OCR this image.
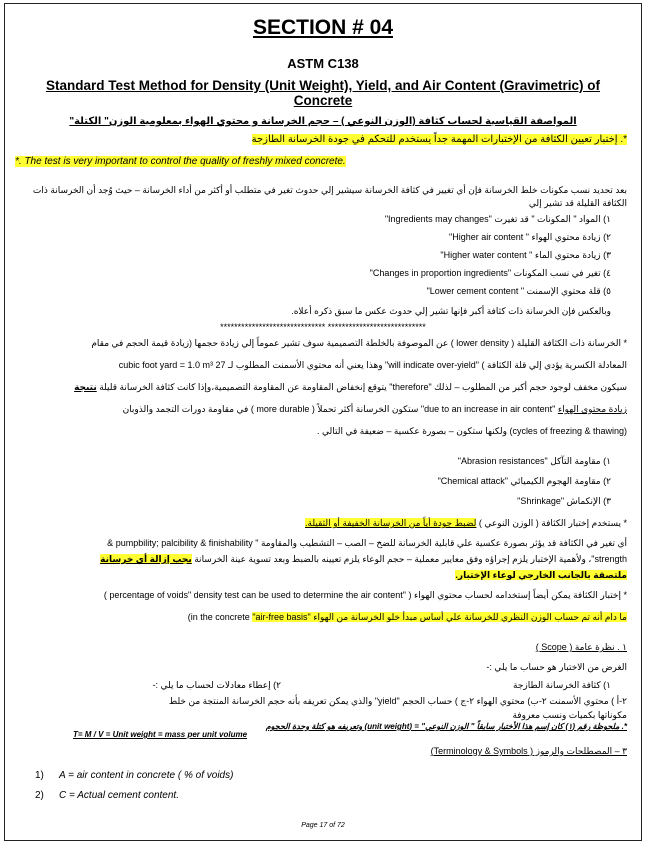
SECTION # 04
ASTM C138
Standard Test Method for Density (Unit Weight), Yield, and Air Content (Gravimetric) of Concrete
المواصفة القياسية لحساب كثافة (الوزن النوعي ) – حجم الخرسانة و محتوي الهواء بمعلومية الوزن" الكتلة"
*. إختبار تعيين الكثافة من الإختبارات المهمة جداً يستخدم للتحكم في جودة الخرسانة الطازجة
*. The test is very important to control the quality of freshly mixed concrete.
بعد تحديد نسب مكونات خلط الخرسانة فإن أي تغيير في كثافة الخرسانة سيشير إلي حدوث تغير في متطلب أو أكثر من أداء الخرسانة – حيث وُجد أن الخرسانة ذات الكثافة القليلة قد تشير إلي
١) المواد " المكونات " قد تغيرت "Ingredients may changes"
٢) زيادة محتوي الهواء "Higher air content "
٣) زيادة محتوي الماء "Higher water content "
٤) تغير في نسب المكونات "Changes in proportion ingredients"
٥) قلة محتوي الإسمنت "Lower cement content "
وبالعكس فإن الخرسانة ذات كثافة أكبر فإنها تشير إلي حدوث عكس ما سبق ذكره أعلاه.
****************************** ****************************
* الخرسانة ذات الكثافة القليلة ( lower density ) عن الموصوفة بالخلطة التصميمية سوف تشير عموماً إلي زيادة حجمها (زيادة قيمة الحجم في مقام
المعادلة الكسرية يؤدي إلي قلة الكثافة ) "will indicate over-yield" وهذا يعني أنه محتوي الأسمنت المطلوب لـ 27 cubic foot yard = 1.0 m³
سيكون مخفف لوجود حجم أكبر من المطلوب – لذلك "therefore" يتوقع إنخفاض المقاومة عن المقاومة التصميمية،وإذا كانت كثافة الخرسانة قليلة نتيجة
زيادة محتوي الهواء "due to an increase in air content" ستكون الخرسانة أكثر تحملاً ( more durable ) في مقاومة دورات التجمد والذوبان
(cycles of freezing & thawing) ولكنها ستكون – بصورة عكسية – ضعيفة في التالي .
١) مقاومة التآكل "Abrasion resistances"
٢) مقاومة الهجوم الكيميائي "Chemical attack"
٣) الإنكماش "Shrinkage"
* يستخدم إختبار الكثافة ( الوزن النوعي ) لضبط جودة أياً من الخرسانة الخفيفة أو الثقيلة.
أي تغير في الكثافة قد يؤثر بصورة عكسية علي قابلية الخرسانة للضخ – الصب – التشطيب والمقاومة " pumpbility; palcibility & finishability &
strength"، ولأهمية الإختبار يلزم إجراؤه وفق معايير معملية – حجم الوعاء يلزم تعيينه بالضبط وبعد تسوية عينة الخرسانة يجب إزالة أي خرسانة
ملتصقة بالجانب الخارجي لوعاء الإختبار.
* إختبار الكثافة يمكن أيضاً إستخدامه لحساب محتوي الهواء ( "percentage of voids" density test can be used to determine the air content )
ما دام أنه تم حساب الوزن النظري للخرسانة علي أساس مبدأ خلو الخرسانة من الهواء "air-free basis" (in the concrete
١ . نظرة عامة ( Scope )
الغرض من الاختبار هو حساب ما يلي :-
١) كثافة الخرسانة الطازجة
٢) إعطاء معادلات لحساب ما يلي :-
٢-أ ) محتوي الأسمنت ٢-ب) محتوي الهواء ٢-ج ) حساب الحجم "yield" والذي يمكن تعريفه بأنه حجم الخرسانة المنتجة من خلط
مكوناتها بكميات ونسب معروفة
*. ملحوظة رقم (١) كان إسم هذا الأختبار سابقاً " الوزن النوعي" = (unit weight) وتعريفه هو كتلة وحدة الحجوم
T= M / V = Unit weight = mass per unit volume
٣ – المصطلحات والرموز ( Terminology & Symbols)
1) A = air content in concrete ( % of voids)
2) C = Actual cement content.
Page 17 of 72
